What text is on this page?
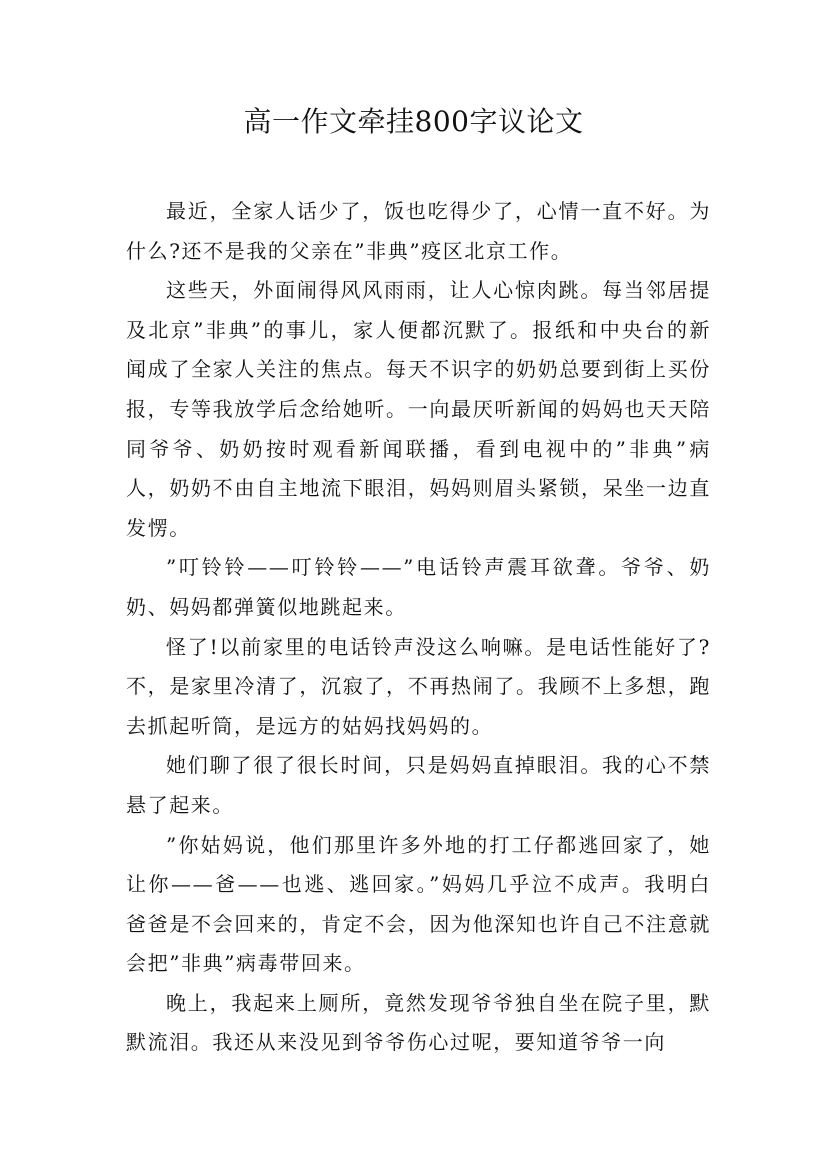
高一作文牵挂800字议论文

最近，全家人话少了，饭也吃得少了，心情一直不好。为什么?还不是我的父亲在”非典”疫区北京工作。

这些天，外面闹得风风雨雨，让人心惊肉跳。每当邻居提及北京”非典”的事儿，家人便都沉默了。报纸和中央台的新闻成了全家人关注的焦点。每天不识字的奶奶总要到街上买份报，专等我放学后念给她听。一向最厌听新闻的妈妈也天天陪同爷爷、奶奶按时观看新闻联播，看到电视中的”非典”病人，奶奶不由自主地流下眼泪，妈妈则眉头紧锁，呆坐一边直发愣。

”叮铃铃——叮铃铃——”电话铃声震耳欲聋。爷爷、奶奶、妈妈都弹簧似地跳起来。

怪了!以前家里的电话铃声没这么响嘛。是电话性能好了?不，是家里冷清了，沉寂了，不再热闹了。我顾不上多想，跑去抓起听筒，是远方的姑妈找妈妈的。

她们聊了很了很长时间，只是妈妈直掉眼泪。我的心不禁悬了起来。

”你姑妈说，他们那里许多外地的打工仔都逃回家了，她让你——爸——也逃、逃回家。”妈妈几乎泣不成声。我明白爸爸是不会回来的，肯定不会，因为他深知也许自己不注意就会把”非典”病毒带回来。

晚上，我起来上厕所，竟然发现爷爷独自坐在院子里，默默流泪。我还从来没见到爷爷伤心过呢，要知道爷爷一向
